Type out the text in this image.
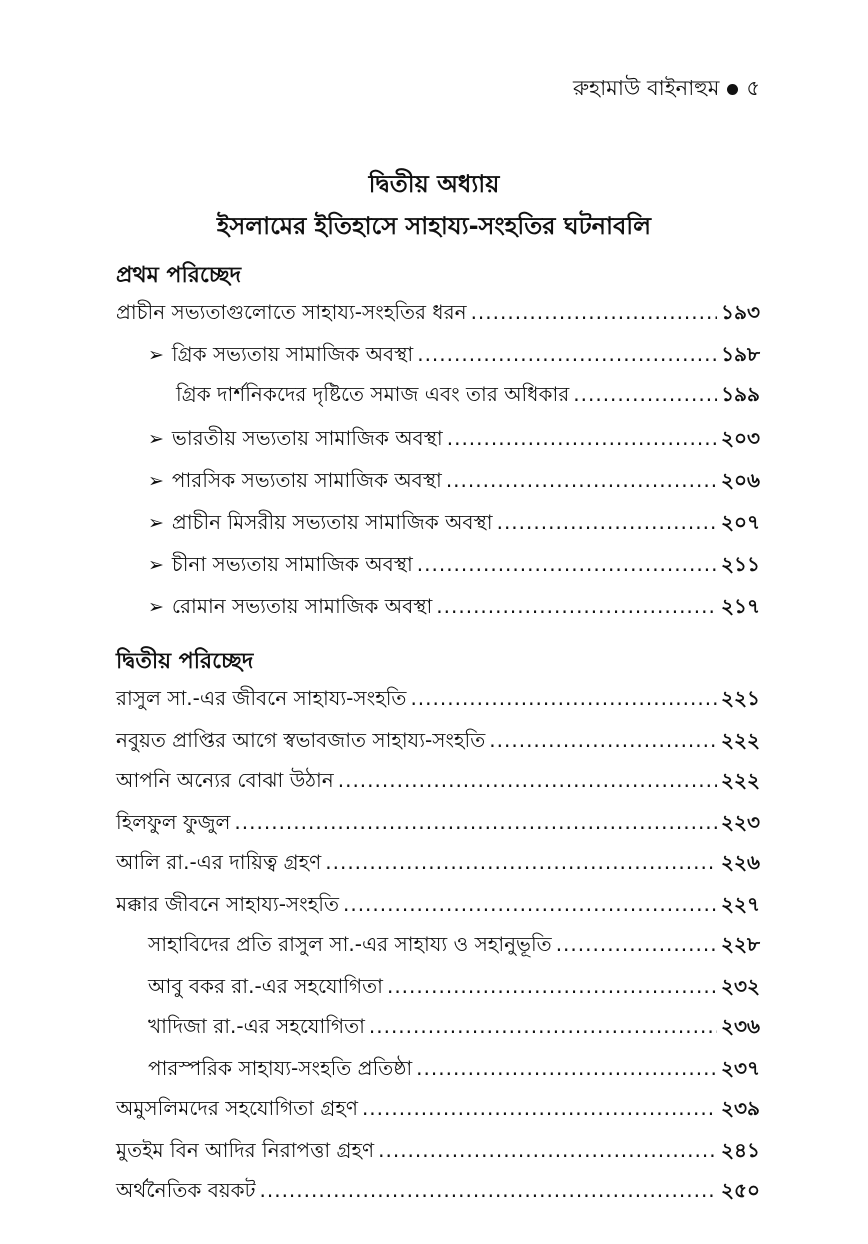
রুহামাউ বাইনাহুম ৫
দ্বিতীয় অধ্যায়
ইসলামের ইতিহাসে সাহায্য-সংহতির ঘটনাবলি
প্রথম পরিচ্ছেদ
প্রাচীন সভ্যতাগুলোতে সাহায্য-সংহতির ধরন .....	১৯৩
➢ গ্রিক সভ্যতায় সামাজিক অবস্থা .....	১৯৮
গ্রিক দার্শনিকদের দৃষ্টিতে সমাজ এবং তার অধিকার .....	১৯৯
➢ ভারতীয় সভ্যতায় সামাজিক অবস্থা .....	২০৩
➢ পারসিক সভ্যতায় সামাজিক অবস্থা .....	২০৬
➢ প্রাচীন মিসরীয় সভ্যতায় সামাজিক অবস্থা .....	২০৭
➢ চীনা সভ্যতায় সামাজিক অবস্থা .....	২১১
➢ রোমান সভ্যতায় সামাজিক অবস্থা .....	২১৭
দ্বিতীয় পরিচ্ছেদ
রাসুল সা.-এর জীবনে সাহায্য-সংহতি .....	২২১
নবুয়ত প্রাপ্তির আগে স্বভাবজাত সাহায্য-সংহতি .....	২২২
আপনি অন্যের বোঝা উঠান .....	২২২
হিলফুল ফুজুল .....	২২৩
আলি রা.-এর দায়িত্ব গ্রহণ .....	২২৬
মক্কার জীবনে সাহায্য-সংহতি .....	২২৭
সাহাবিদের প্রতি রাসুল সা.-এর সাহায্য ও সহানুভূতি .....	২২৮
আবু বকর রা.-এর সহযোগিতা .....	২৩২
খাদিজা রা.-এর সহযোগিতা .....	২৩৬
পারস্পরিক সাহায্য-সংহতি প্রতিষ্ঠা .....	২৩৭
অমুসলিমদের সহযোগিতা গ্রহণ .....	২৩৯
মুতইম বিন আদির নিরাপত্তা গ্রহণ .....	২৪১
অর্থনৈতিক বয়কট .....	২৫০
